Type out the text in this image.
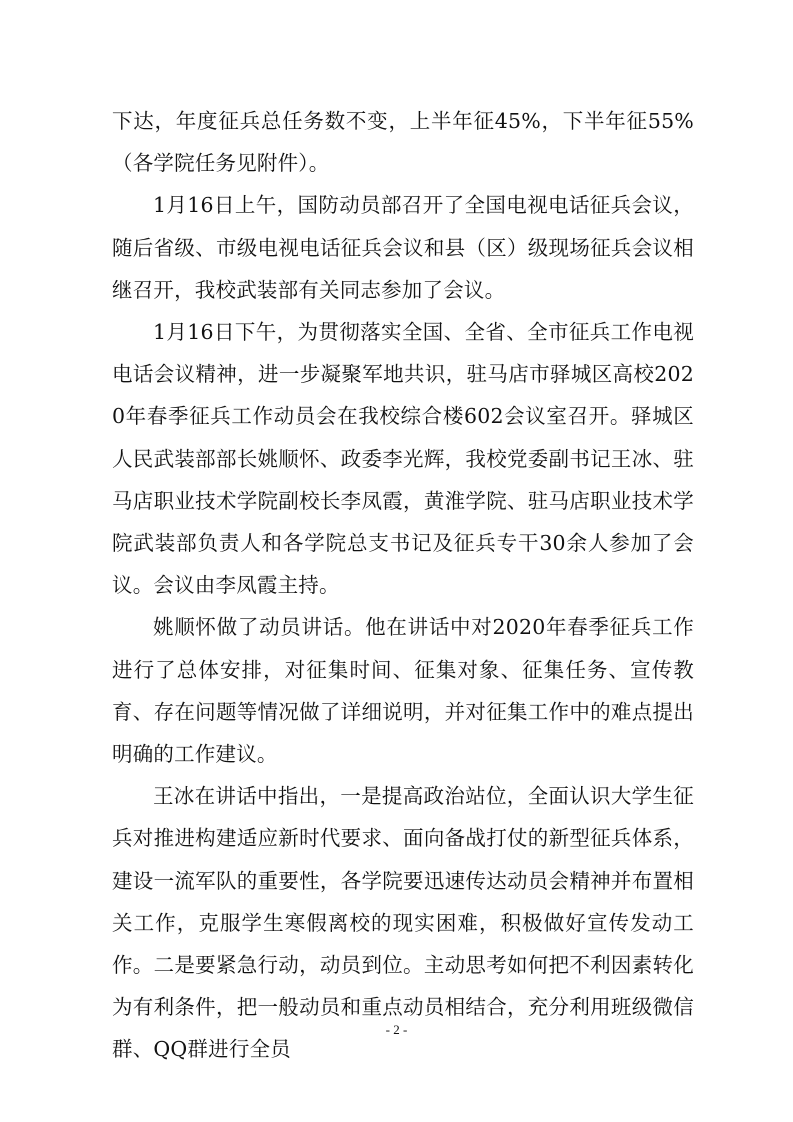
下达，年度征兵总任务数不变，上半年征45%，下半年征55%（各学院任务见附件）。

1月16日上午，国防动员部召开了全国电视电话征兵会议，随后省级、市级电视电话征兵会议和县（区）级现场征兵会议相继召开，我校武装部有关同志参加了会议。

1月16日下午，为贯彻落实全国、全省、全市征兵工作电视电话会议精神，进一步凝聚军地共识，驻马店市驿城区高校2020年春季征兵工作动员会在我校综合楼602会议室召开。驿城区人民武装部部长姚顺怀、政委李光辉，我校党委副书记王冰、驻马店职业技术学院副校长李凤霞，黄淮学院、驻马店职业技术学院武装部负责人和各学院总支书记及征兵专干30余人参加了会议。会议由李凤霞主持。

姚顺怀做了动员讲话。他在讲话中对2020年春季征兵工作进行了总体安排，对征集时间、征集对象、征集任务、宣传教育、存在问题等情况做了详细说明，并对征集工作中的难点提出明确的工作建议。

王冰在讲话中指出，一是提高政治站位，全面认识大学生征兵对推进构建适应新时代要求、面向备战打仗的新型征兵体系，建设一流军队的重要性，各学院要迅速传达动员会精神并布置相关工作，克服学生寒假离校的现实困难，积极做好宣传发动工作。二是要紧急行动，动员到位。主动思考如何把不利因素转化为有利条件，把一般动员和重点动员相结合，充分利用班级微信群、QQ群进行全员

- 2 -
